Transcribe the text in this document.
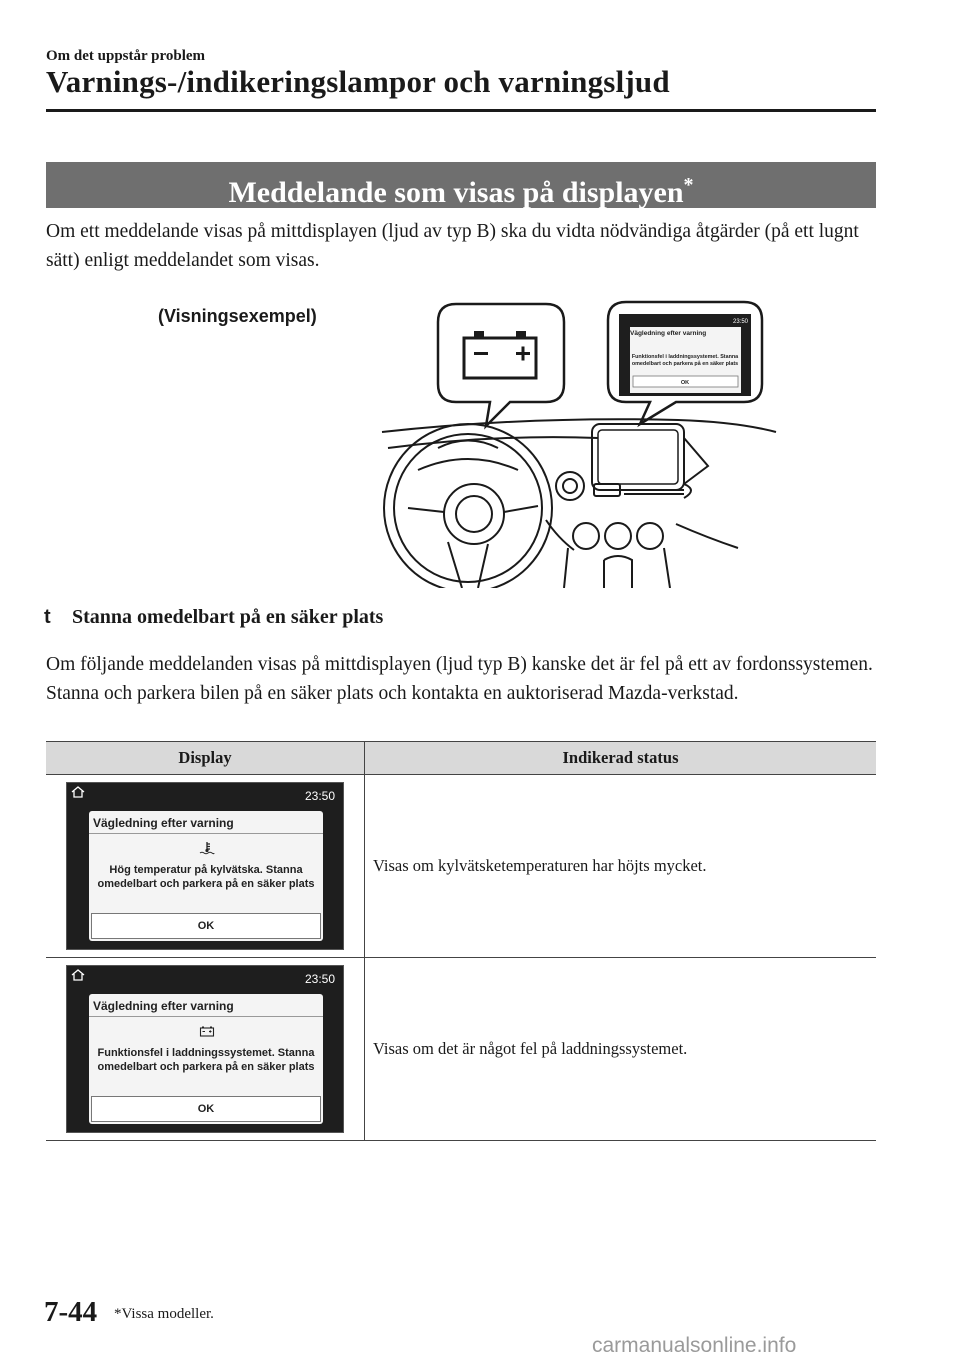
Om det uppstår problem
Varnings-/indikeringslampor och varningsljud
Meddelande som visas på displayen*
Om ett meddelande visas på mittdisplayen (ljud av typ B) ska du vidta nödvändiga åtgärder (på ett lugnt sätt) enligt meddelandet som visas.
(Visningsexempel)
Vägledning efter varning
23:50
Funktionsfel i laddningssystemet. Stanna
omedelbart och parkera på en säker plats
OK
t Stanna omedelbart på en säker plats
Om följande meddelanden visas på mittdisplayen (ljud typ B) kanske det är fel på ett av fordonssystemen. Stanna och parkera bilen på en säker plats och kontakta en auktoriserad Mazda-verkstad.
Display	Indikerad status

23:50
Vägledning efter varning
Hög temperatur på kylvätska. Stanna
omedelbart och parkera på en säker plats
OK	Visas om kylvätsketemperaturen har höjts mycket.

23:50
Vägledning efter varning
Funktionsfel i laddningssystemet. Stanna
omedelbart och parkera på en säker plats
OK	Visas om det är något fel på laddningssystemet.
7-44 *Vissa modeller.
carmanualsonline.info
